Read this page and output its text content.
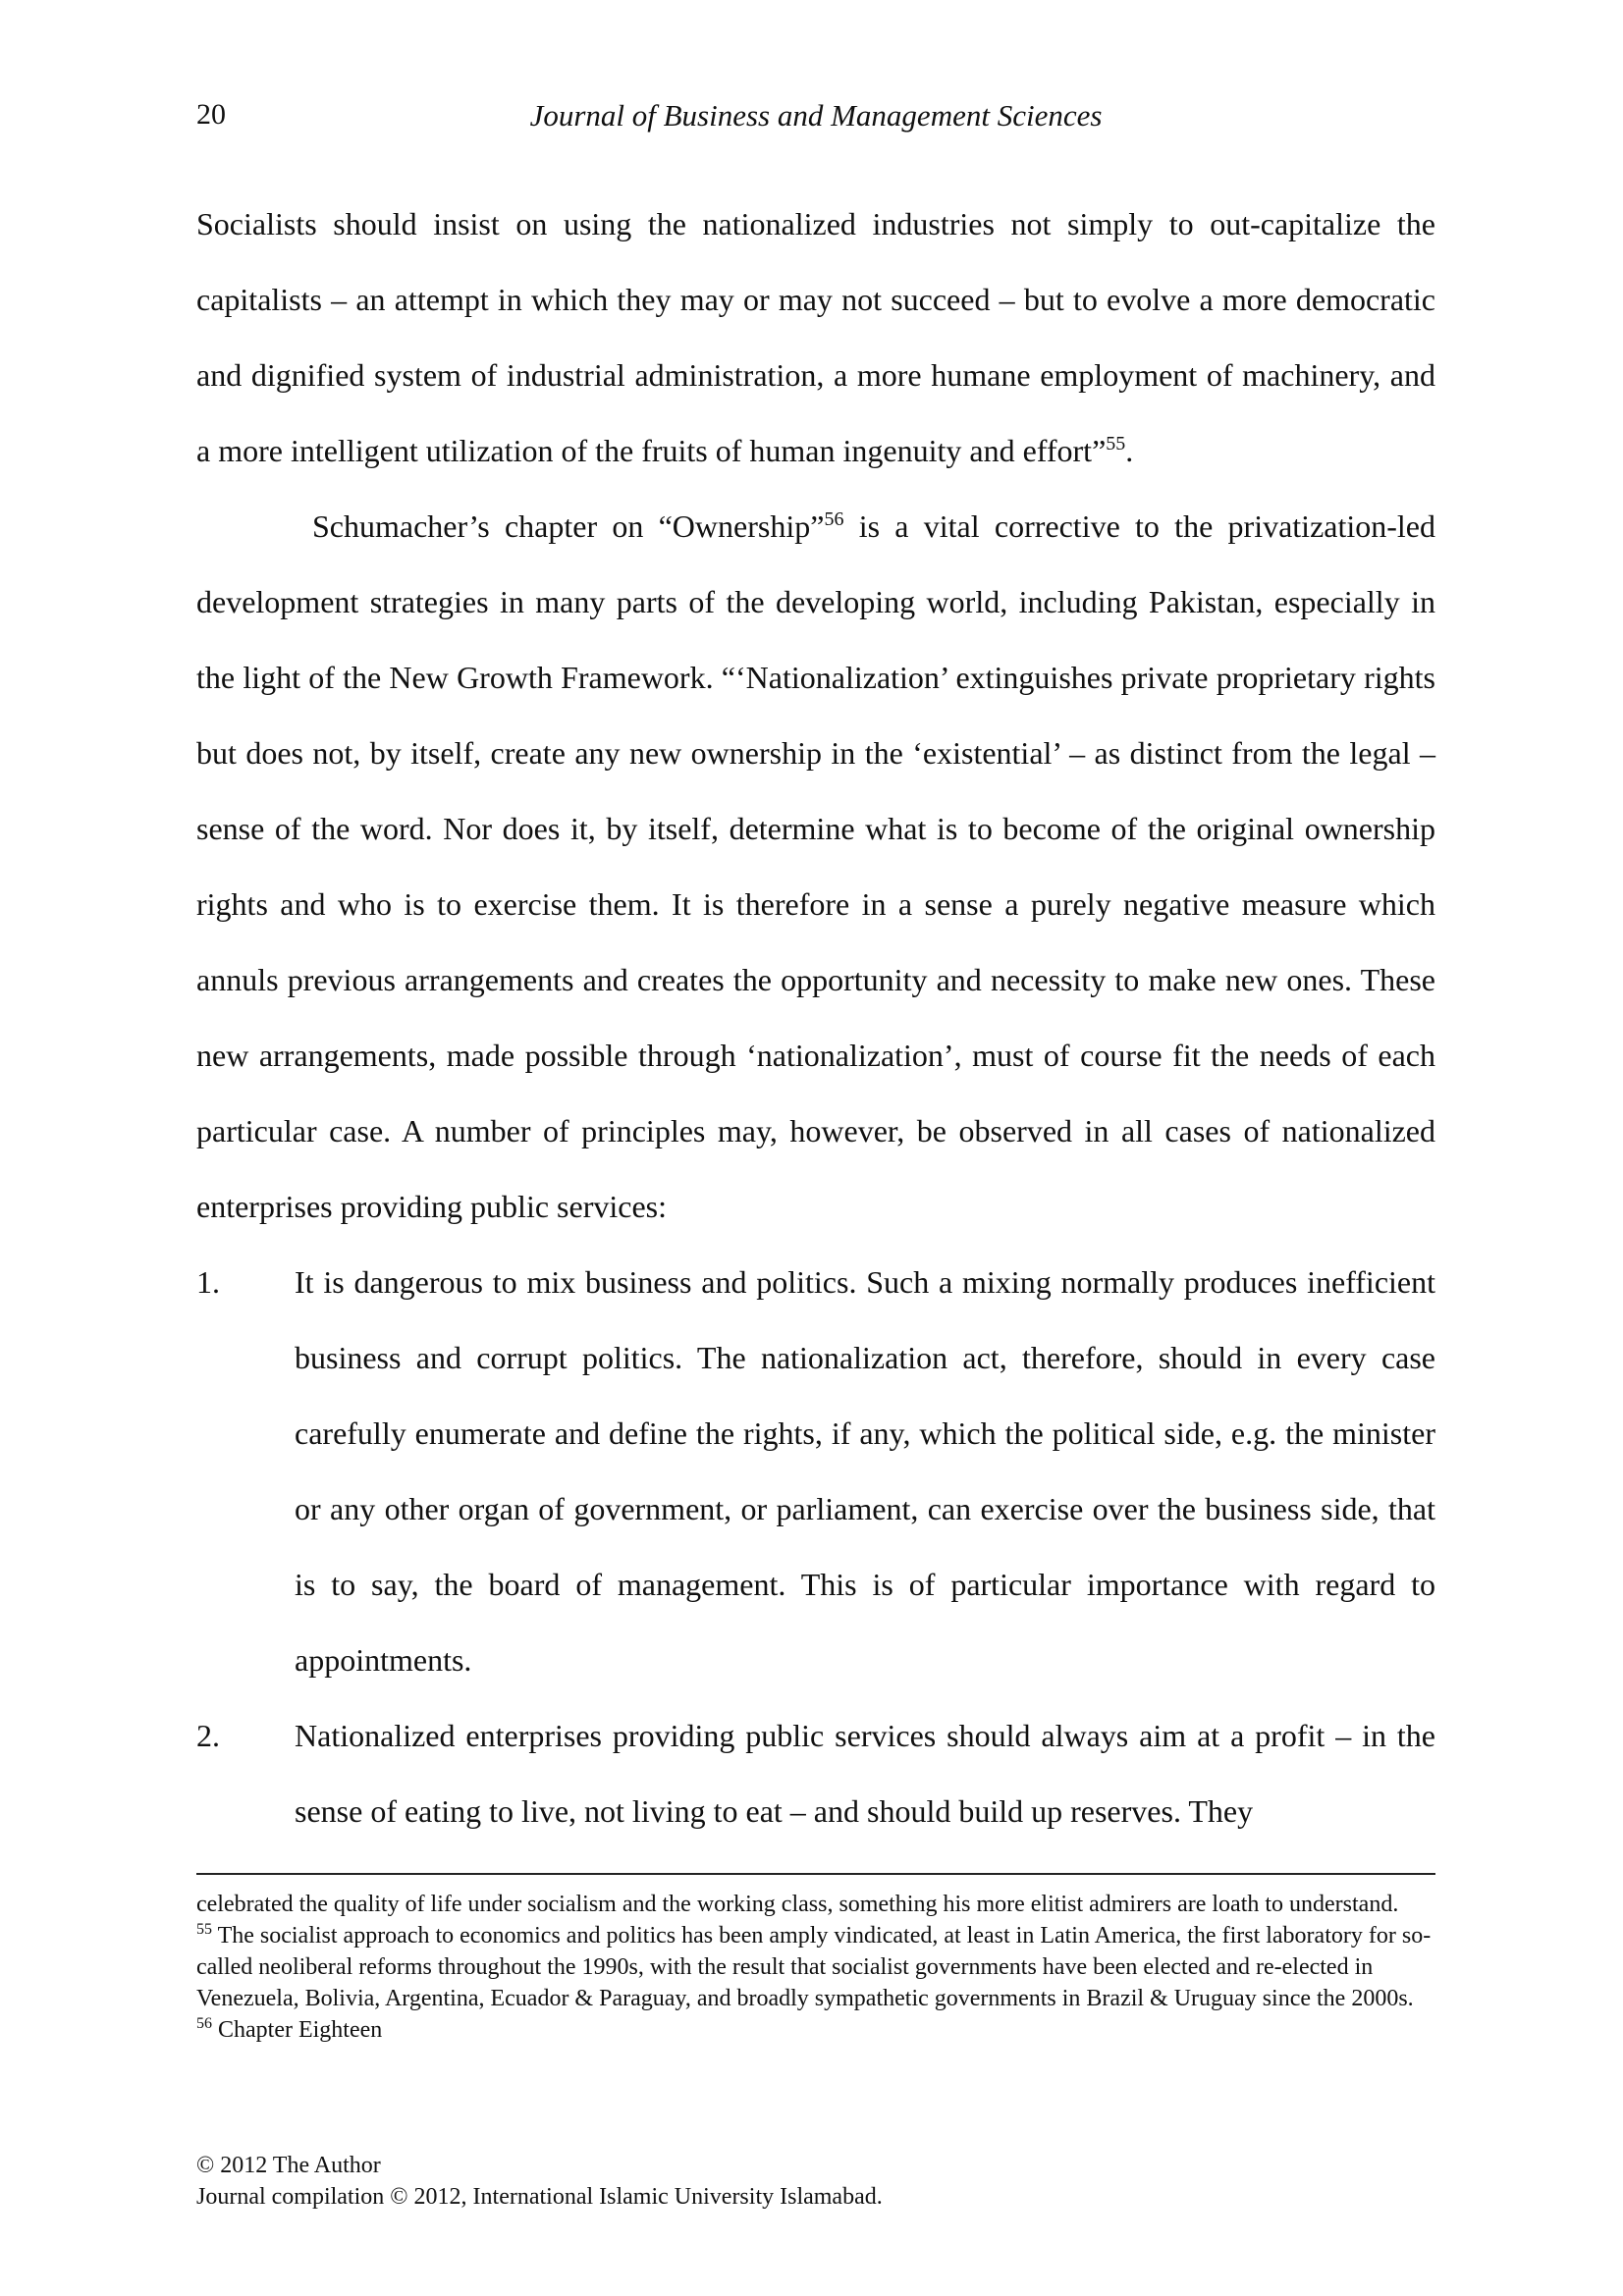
20	Journal of Business and Management Sciences

Socialists should insist on using the nationalized industries not simply to out-capitalize the capitalists – an attempt in which they may or may not succeed – but to evolve a more democratic and dignified system of industrial administration, a more humane employment of machinery, and a more intelligent utilization of the fruits of human ingenuity and effort”$^{55}$.

Schumacher’s chapter on “Ownership”$^{56}$ is a vital corrective to the privatization-led development strategies in many parts of the developing world, including Pakistan, especially in the light of the New Growth Framework. “‘Nationalization’ extinguishes private proprietary rights but does not, by itself, create any new ownership in the ‘existential’ – as distinct from the legal – sense of the word. Nor does it, by itself, determine what is to become of the original ownership rights and who is to exercise them. It is therefore in a sense a purely negative measure which annuls previous arrangements and creates the opportunity and necessity to make new ones. These new arrangements, made possible through ‘nationalization’, must of course fit the needs of each particular case. A number of principles may, however, be observed in all cases of nationalized enterprises providing public services:

1. It is dangerous to mix business and politics. Such a mixing normally produces inefficient business and corrupt politics. The nationalization act, therefore, should in every case carefully enumerate and define the rights, if any, which the political side, e.g. the minister or any other organ of government, or parliament, can exercise over the business side, that is to say, the board of management. This is of particular importance with regard to appointments.
2. Nationalized enterprises providing public services should always aim at a profit – in the sense of eating to live, not living to eat – and should build up reserves. They

celebrated the quality of life under socialism and the working class, something his more elitist admirers are loath to understand.

$^{55}$ The socialist approach to economics and politics has been amply vindicated, at least in Latin America, the first laboratory for so-called neoliberal reforms throughout the 1990s, with the result that socialist governments have been elected and re-elected in Venezuela, Bolivia, Argentina, Ecuador & Paraguay, and broadly sympathetic governments in Brazil & Uruguay since the 2000s.

$^{56}$ Chapter Eighteen

© 2012 The Author

Journal compilation © 2012, International Islamic University Islamabad.
